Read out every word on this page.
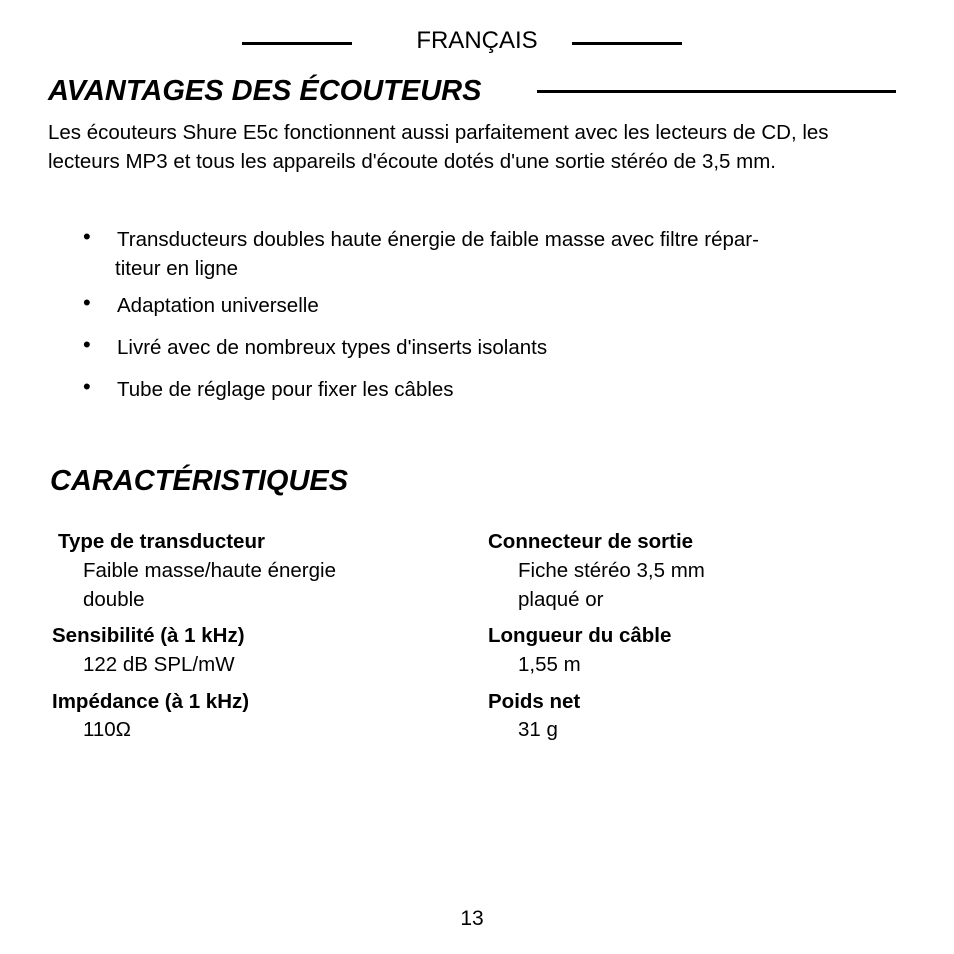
FRANÇAIS
AVANTAGES DES ÉCOUTEURS
Les écouteurs Shure E5c fonctionnent aussi parfaitement avec les lecteurs de CD, les lecteurs MP3 et tous les appareils d'écoute dotés d'une sortie stéréo de 3,5 mm.
• Transducteurs doubles haute énergie de faible masse avec filtre répar-
titeur en ligne
• Adaptation universelle
• Livré avec de nombreux types d'inserts isolants
• Tube de réglage pour fixer les câbles
CARACTÉRISTIQUES
Type de transducteur
Faible masse/haute énergie
double
Sensibilité (à 1 kHz)
122 dB SPL/mW
Impédance (à 1 kHz)
110Ω
Connecteur de sortie
Fiche stéréo 3,5 mm
plaqué or
Longueur du câble
1,55 m
Poids net
31 g
13
